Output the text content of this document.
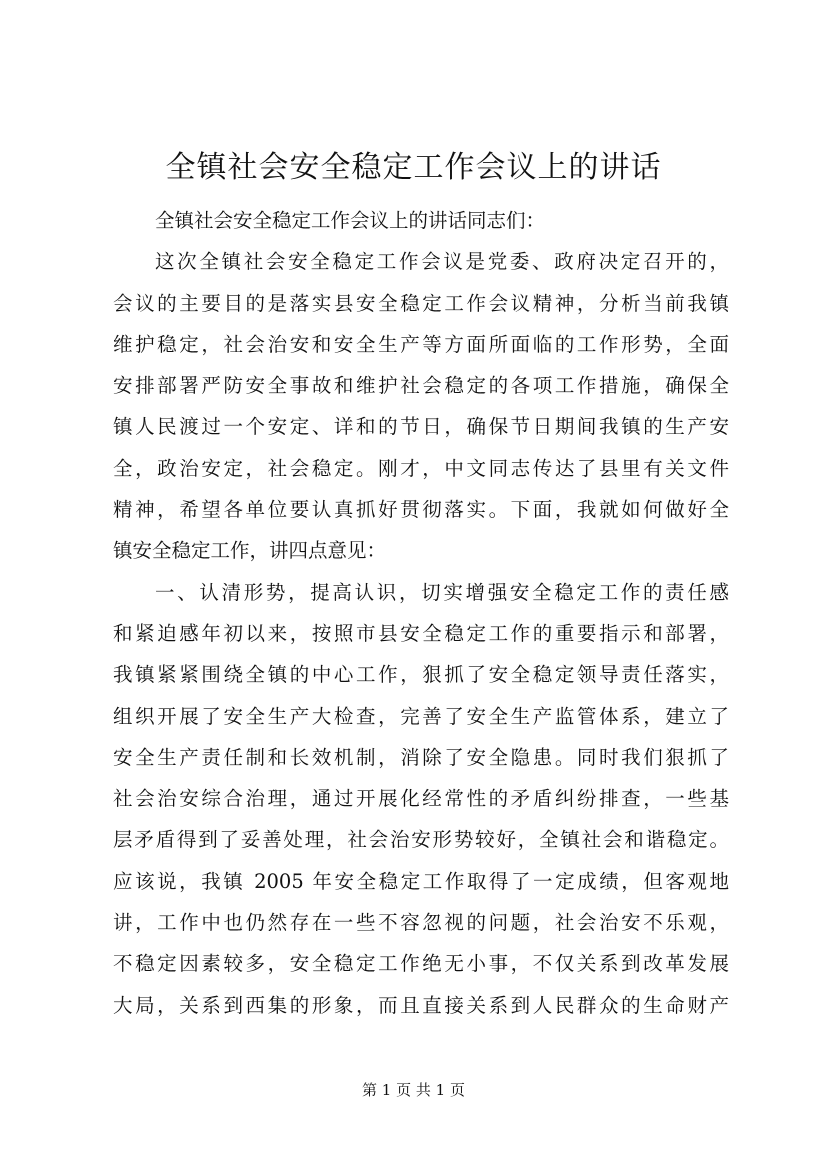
全镇社会安全稳定工作会议上的讲话
全镇社会安全稳定工作会议上的讲话同志们：
这次全镇社会安全稳定工作会议是党委、政府决定召开的，
会议的主要目的是落实县安全稳定工作会议精神，分析当前我镇
维护稳定，社会治安和安全生产等方面所面临的工作形势，全面
安排部署严防安全事故和维护社会稳定的各项工作措施，确保全
镇人民渡过一个安定、详和的节日，确保节日期间我镇的生产安
全，政治安定，社会稳定。刚才，中文同志传达了县里有关文件
精神，希望各单位要认真抓好贯彻落实。下面，我就如何做好全
镇安全稳定工作，讲四点意见：
一、认清形势，提高认识，切实增强安全稳定工作的责任感
和紧迫感年初以来，按照市县安全稳定工作的重要指示和部署，
我镇紧紧围绕全镇的中心工作，狠抓了安全稳定领导责任落实，
组织开展了安全生产大检查，完善了安全生产监管体系，建立了
安全生产责任制和长效机制，消除了安全隐患。同时我们狠抓了
社会治安综合治理，通过开展化经常性的矛盾纠纷排查，一些基
层矛盾得到了妥善处理，社会治安形势较好，全镇社会和谐稳定。
应该说，我镇 2005 年安全稳定工作取得了一定成绩，但客观地
讲，工作中也仍然存在一些不容忽视的问题，社会治安不乐观，
不稳定因素较多，安全稳定工作绝无小事，不仅关系到改革发展
大局，关系到西集的形象，而且直接关系到人民群众的生命财产
第 1 页 共 1 页
